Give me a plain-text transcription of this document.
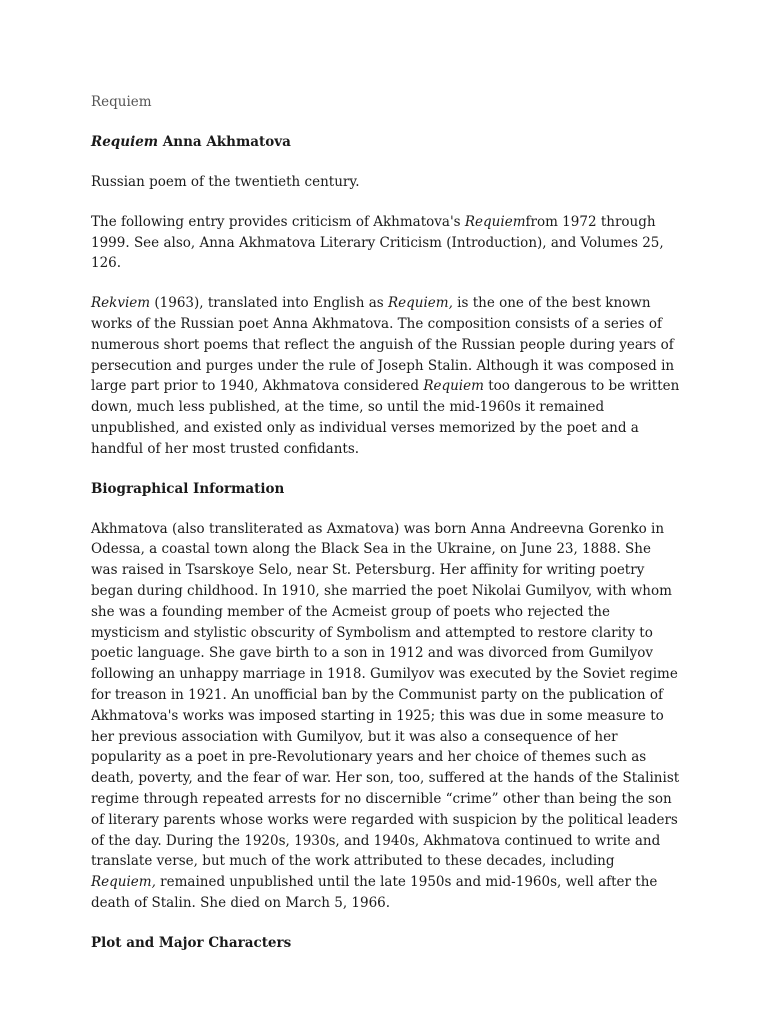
Requiem
Requiem Anna Akhmatova

Russian poem of the twentieth century.

The following entry provides criticism of Akhmatova's Requiemfrom 1972 through 1999. See also, Anna Akhmatova Literary Criticism (Introduction), and Volumes 25, 126.

Rekviem (1963), translated into English as Requiem, is the one of the best known works of the Russian poet Anna Akhmatova. The composition consists of a series of numerous short poems that reflect the anguish of the Russian people during years of persecution and purges under the rule of Joseph Stalin. Although it was composed in large part prior to 1940, Akhmatova considered Requiem too dangerous to be written down, much less published, at the time, so until the mid-1960s it remained unpublished, and existed only as individual verses memorized by the poet and a handful of her most trusted confidants.

Biographical Information

Akhmatova (also transliterated as Axmatova) was born Anna Andreevna Gorenko in Odessa, a coastal town along the Black Sea in the Ukraine, on June 23, 1888. She was raised in Tsarskoye Selo, near St. Petersburg. Her affinity for writing poetry began during childhood. In 1910, she married the poet Nikolai Gumilyov, with whom she was a founding member of the Acmeist group of poets who rejected the mysticism and stylistic obscurity of Symbolism and attempted to restore clarity to poetic language. She gave birth to a son in 1912 and was divorced from Gumilyov following an unhappy marriage in 1918. Gumilyov was executed by the Soviet regime for treason in 1921. An unofficial ban by the Communist party on the publication of Akhmatova's works was imposed starting in 1925; this was due in some measure to her previous association with Gumilyov, but it was also a consequence of her popularity as a poet in pre-Revolutionary years and her choice of themes such as death, poverty, and the fear of war. Her son, too, suffered at the hands of the Stalinist regime through repeated arrests for no discernible “crime” other than being the son of literary parents whose works were regarded with suspicion by the political leaders of the day. During the 1920s, 1930s, and 1940s, Akhmatova continued to write and translate verse, but much of the work attributed to these decades, including Requiem, remained unpublished until the late 1950s and mid-1960s, well after the death of Stalin. She died on March 5, 1966.

Plot and Major Characters
